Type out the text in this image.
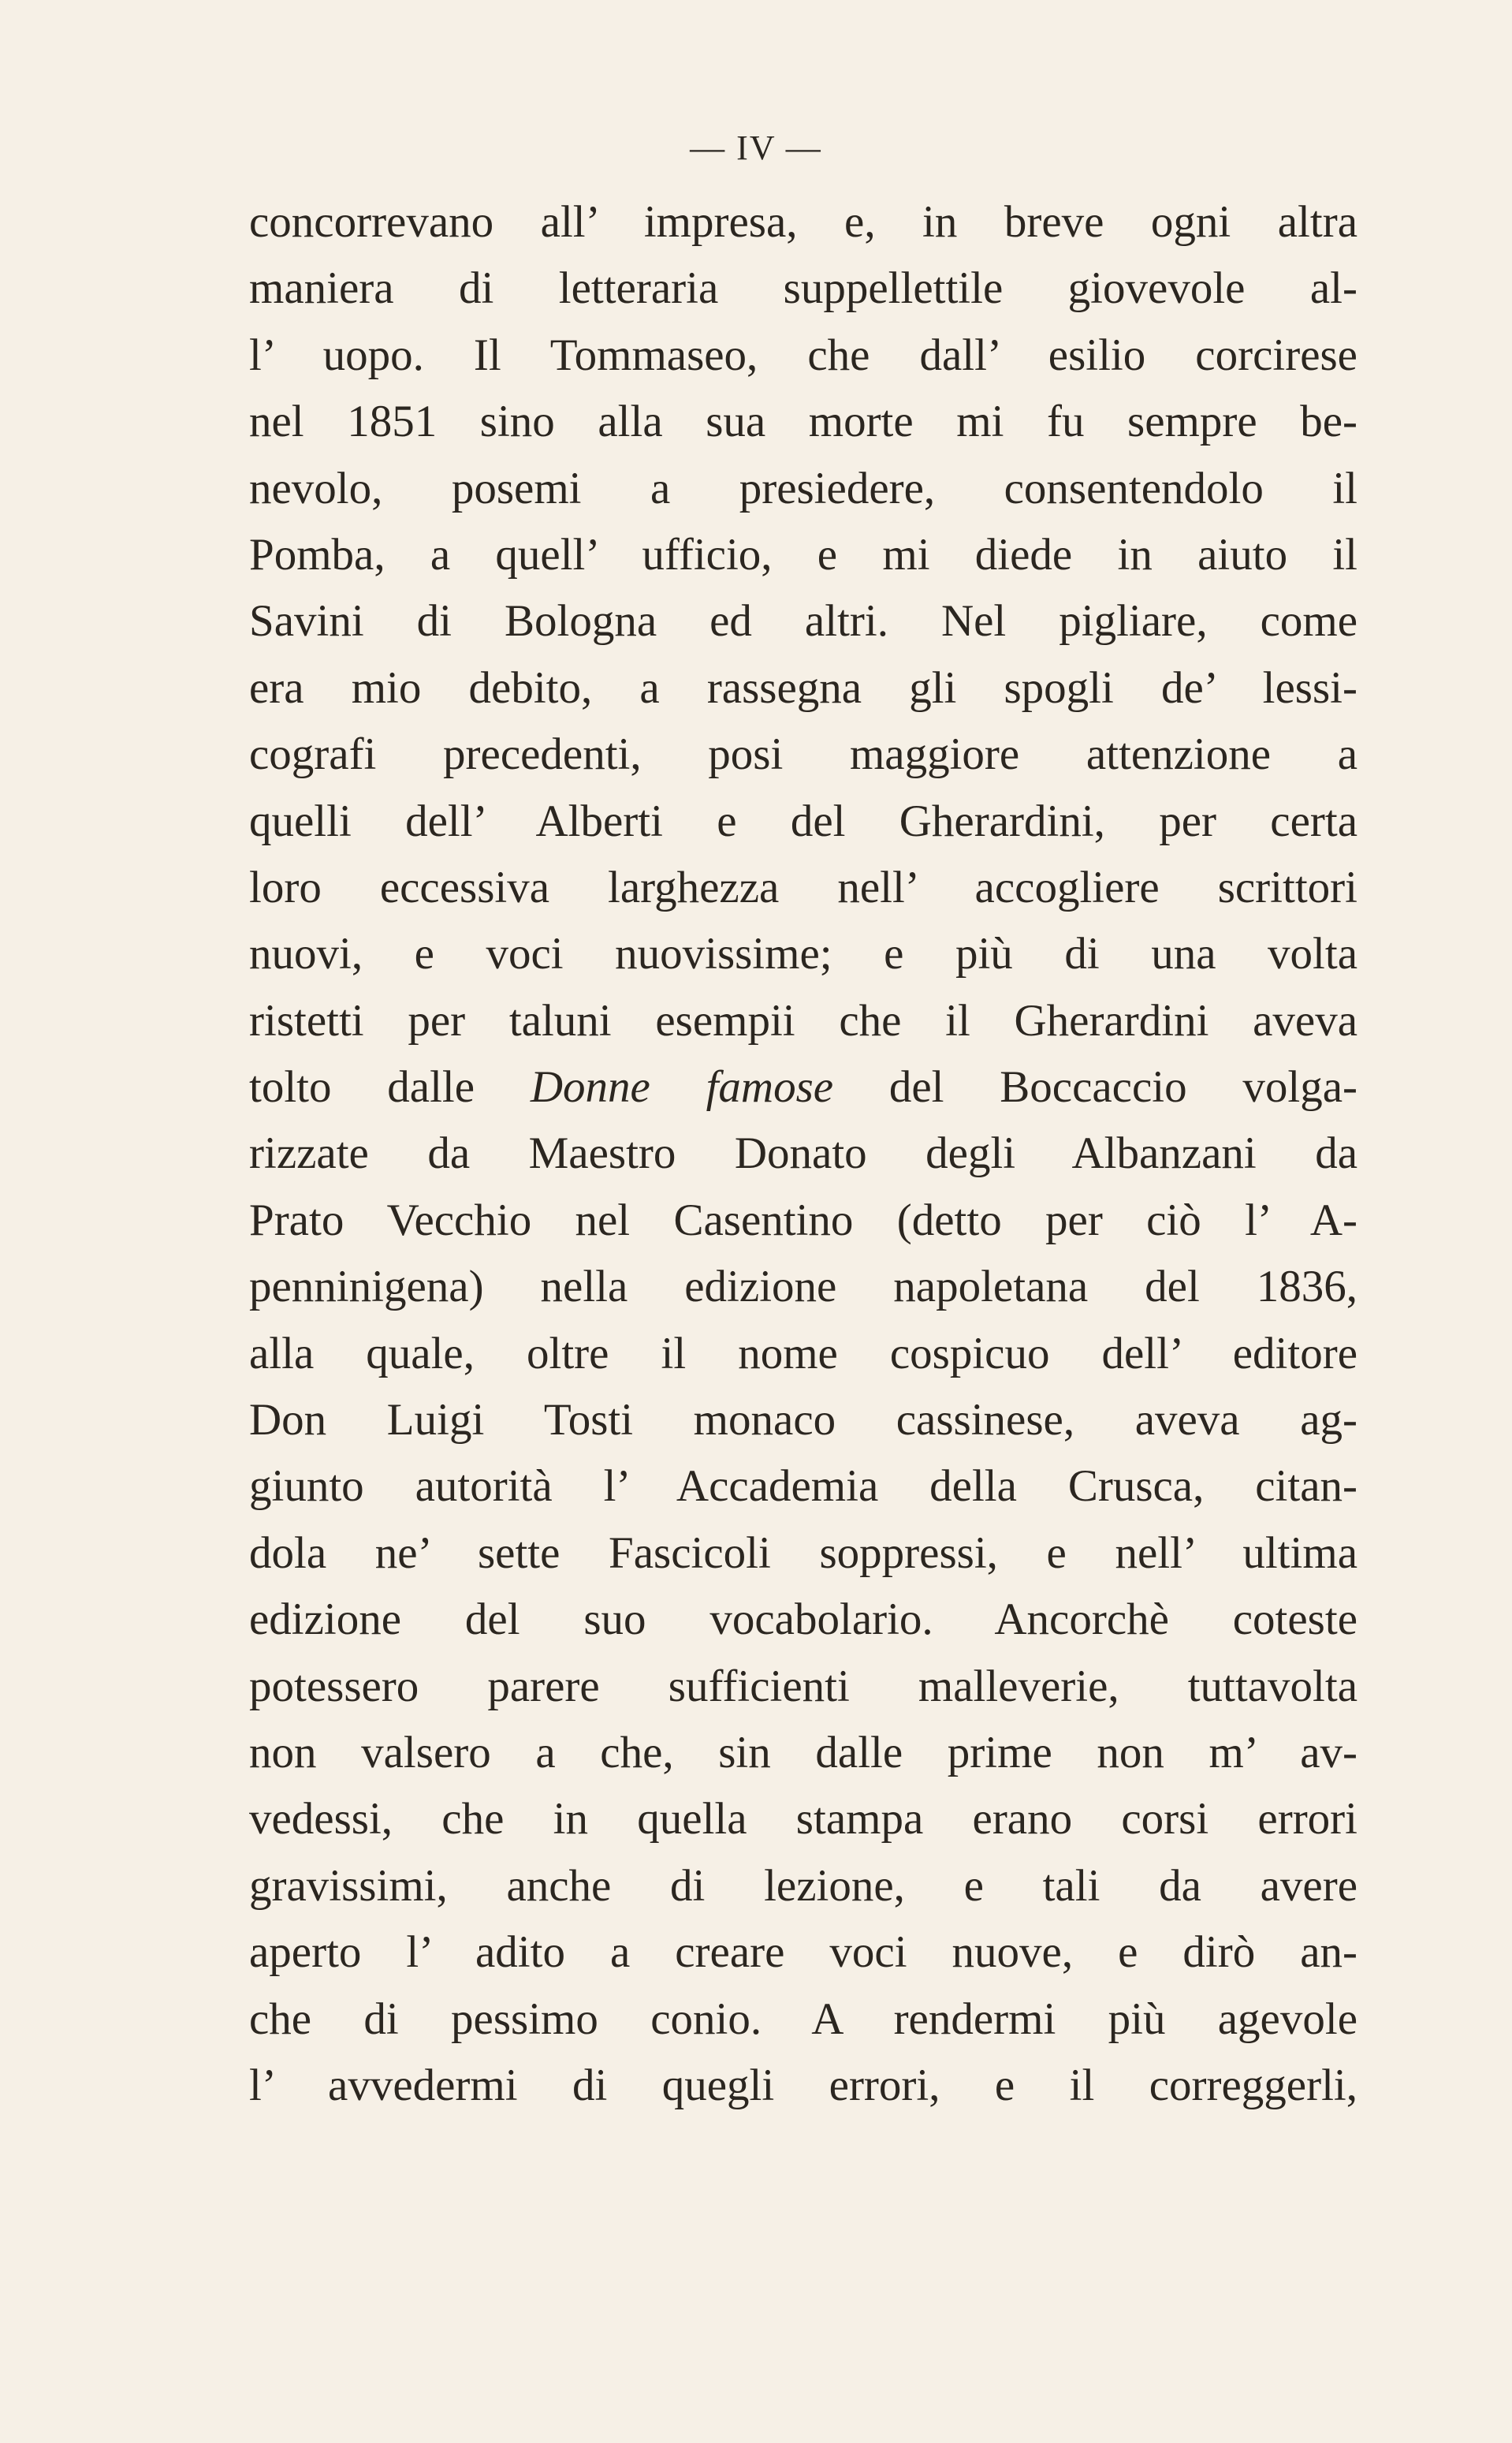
— IV —
concorrevano all’ impresa, e, in breve ogni altra
maniera di letteraria suppellettile giovevole al-
l’ uopo. Il Tommaseo, che dall’ esilio corcirese
nel 1851 sino alla sua morte mi fu sempre be-
nevolo, posemi a presiedere, consentendolo il
Pomba, a quell’ ufficio, e mi diede in aiuto il
Savini di Bologna ed altri. Nel pigliare, come
era mio debito, a rassegna gli spogli de’ lessi-
cografi precedenti, posi maggiore attenzione a
quelli dell’ Alberti e del Gherardini, per certa
loro eccessiva larghezza nell’ accogliere scrittori
nuovi, e voci nuovissime; e più di una volta
ristetti per taluni esempii che il Gherardini aveva
tolto dalle Donne famose del Boccaccio volga-
rizzate da Maestro Donato degli Albanzani da
Prato Vecchio nel Casentino (detto per ciò l’ A-
penninigena) nella edizione napoletana del 1836,
alla quale, oltre il nome cospicuo dell’ editore
Don Luigi Tosti monaco cassinese, aveva ag-
giunto autorità l’ Accademia della Crusca, citan-
dola ne’ sette Fascicoli soppressi, e nell’ ultima
edizione del suo vocabolario. Ancorchè coteste
potessero parere sufficienti malleverie, tuttavolta
non valsero a che, sin dalle prime non m’ av-
vedessi, che in quella stampa erano corsi errori
gravissimi, anche di lezione, e tali da avere
aperto l’ adito a creare voci nuove, e dirò an-
che di pessimo conio. A rendermi più agevole
l’ avvedermi di quegli errori, e il correggerli,
